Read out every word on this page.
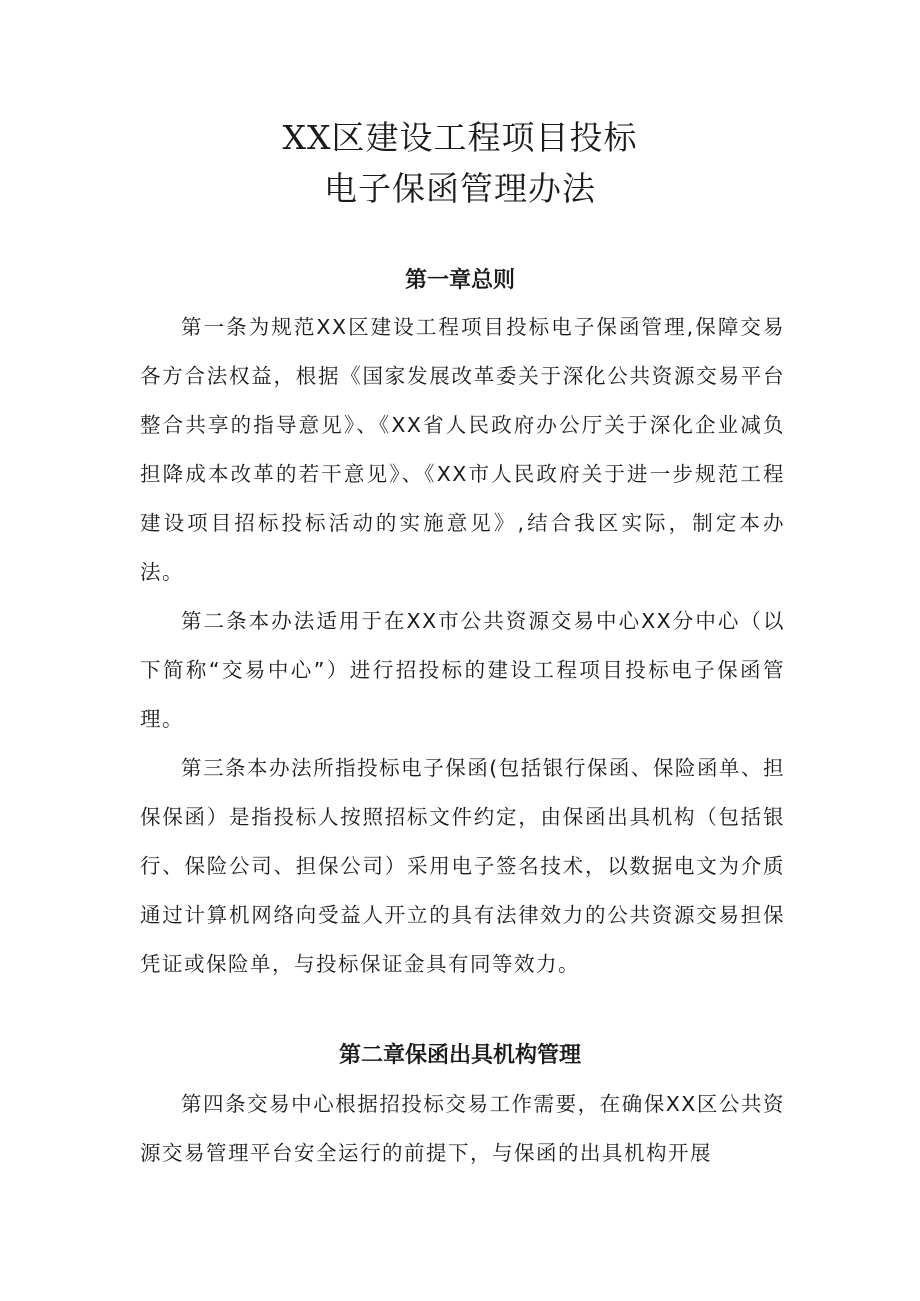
XX区建设工程项目投标
电子保函管理办法
第一章总则

第一条为规范XX区建设工程项目投标电子保函管理,保障交易各方合法权益，根据《国家发展改革委关于深化公共资源交易平台整合共享的指导意见》、《XX省人民政府办公厅关于深化企业减负担降成本改革的若干意见》、《XX市人民政府关于进一步规范工程建设项目招标投标活动的实施意见》,结合我区实际，制定本办法。

第二条本办法适用于在XX市公共资源交易中心XX分中心（以下简称“交易中心”）进行招投标的建设工程项目投标电子保函管理。

第三条本办法所指投标电子保函(包括银行保函、保险函单、担保保函）是指投标人按照招标文件约定，由保函出具机构（包括银行、保险公司、担保公司）采用电子签名技术，以数据电文为介质通过计算机网络向受益人开立的具有法律效力的公共资源交易担保凭证或保险单，与投标保证金具有同等效力。

第二章保函出具机构管理

第四条交易中心根据招投标交易工作需要，在确保XX区公共资源交易管理平台安全运行的前提下，与保函的出具机构开展
